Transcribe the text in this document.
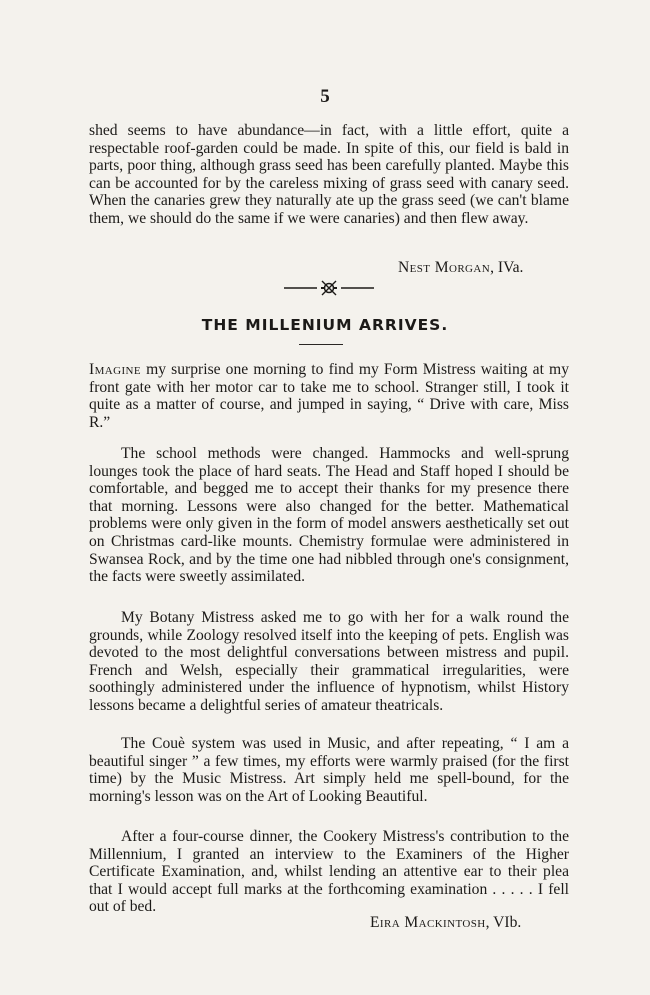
5

shed seems to have abundance—in fact, with a little effort, quite a respectable roof-garden could be made. In spite of this, our field is bald in parts, poor thing, although grass seed has been carefully planted. Maybe this can be accounted for by the careless mixing of grass seed with canary seed. When the canaries grew they naturally ate up the grass seed (we can't blame them, we should do the same if we were canaries) and then flew away.

Nest Morgan, IVa.
THE MILLENIUM ARRIVES.

Imagine my surprise one morning to find my Form Mistress waiting at my front gate with her motor car to take me to school. Stranger still, I took it quite as a matter of course, and jumped in saying, “ Drive with care, Miss R.”

The school methods were changed. Hammocks and well-sprung lounges took the place of hard seats. The Head and Staff hoped I should be comfortable, and begged me to accept their thanks for my presence there that morning. Lessons were also changed for the better. Mathematical problems were only given in the form of model answers aesthetically set out on Christmas card-like mounts. Chemistry formulae were administered in Swansea Rock, and by the time one had nibbled through one's consignment, the facts were sweetly assimilated.

My Botany Mistress asked me to go with her for a walk round the grounds, while Zoology resolved itself into the keeping of pets. English was devoted to the most delightful conversations between mistress and pupil. French and Welsh, especially their grammatical irregularities, were soothingly administered under the influence of hypnotism, whilst History lessons became a delightful series of amateur theatricals.

The Couè system was used in Music, and after repeating, “ I am a beautiful singer ” a few times, my efforts were warmly praised (for the first time) by the Music Mistress. Art simply held me spell-bound, for the morning's lesson was on the Art of Looking Beautiful.

After a four-course dinner, the Cookery Mistress's contribution to the Millennium, I granted an interview to the Examiners of the Higher Certificate Examination, and, whilst lending an attentive ear to their plea that I would accept full marks at the forthcoming examination . . . . . I fell out of bed.

Eira Mackintosh, VIb.
